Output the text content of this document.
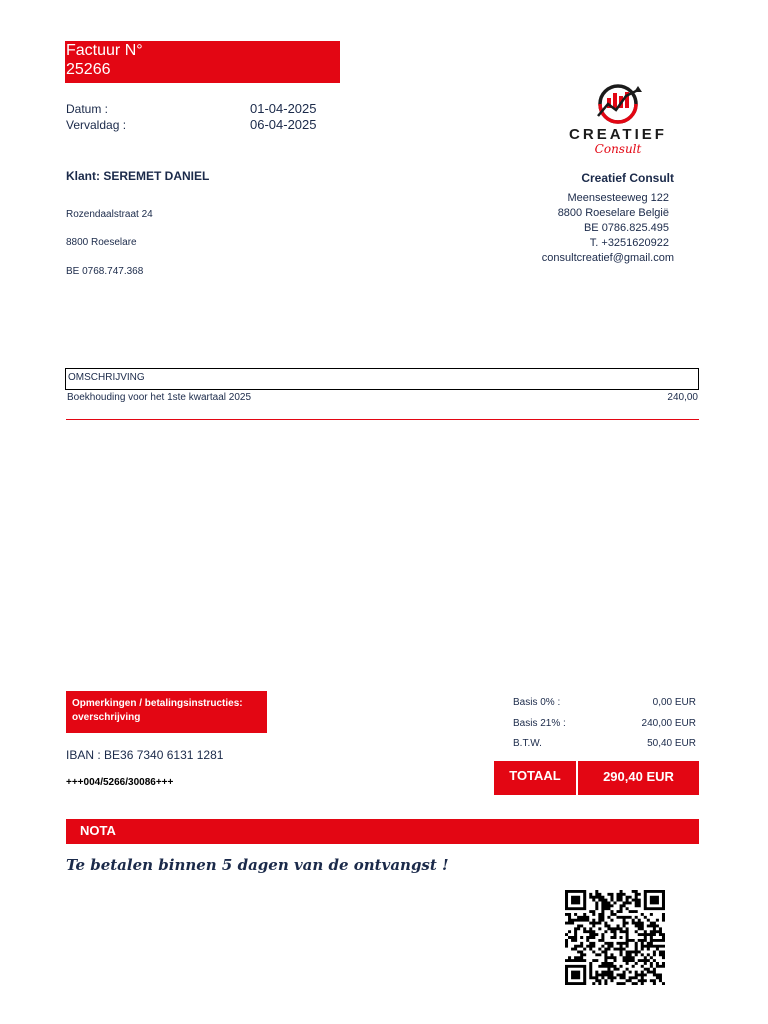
Factuur N°
25266
Datum :	01-04-2025
Vervaldag :	06-04-2025
CREATIEF
Consult
Creatief Consult
Meensesteeweg 122
8800 Roeselare België
BE 0786.825.495
T. +3251620922
consultcreatief@gmail.com
Klant: SEREMET DANIEL
Rozendaalstraat 24
8800 Roeselare
BE 0768.747.368
OMSCHRIJVING
Boekhouding voor het 1ste kwartaal 2025	240,00
Opmerkingen / betalingsinstructies:
overschrijving
IBAN : BE36 7340 6131 1281
+++004/5266/30086+++
Basis 0% :	0,00 EUR
Basis 21% :	240,00 EUR
B.T.W.	50,40 EUR
TOTAAL	290,40 EUR
NOTA
Te betalen binnen 5 dagen van de ontvangst !
